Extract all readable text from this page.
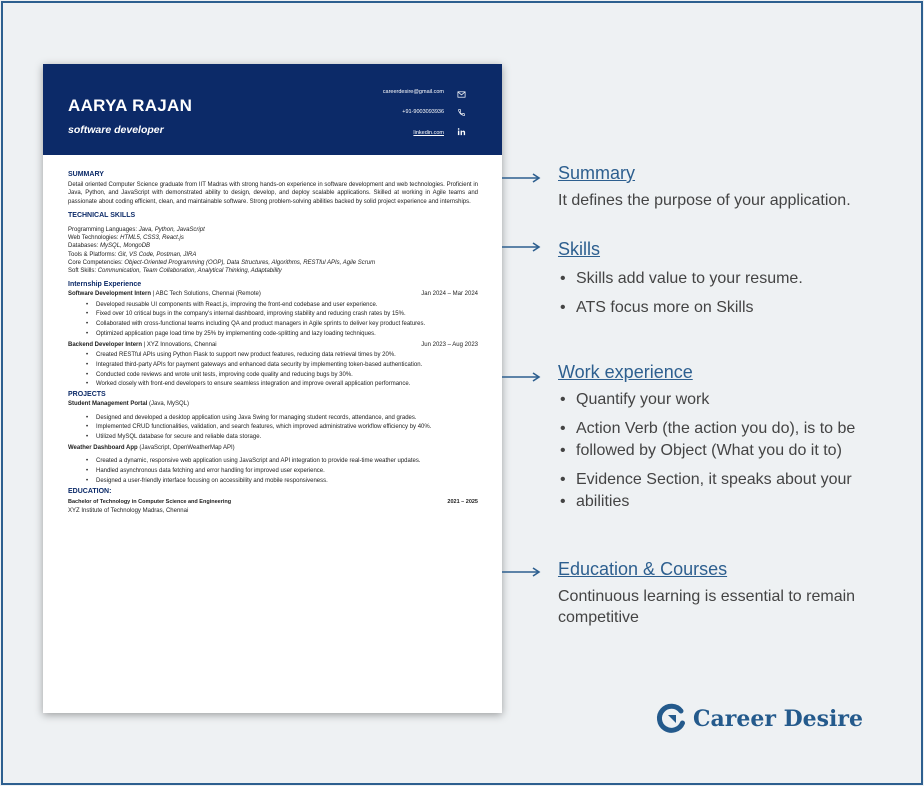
AARYA RAJAN
software developer
careerdesire@gmail.com
+91-9003093936
linkedin.com
SUMMARY
Detail oriented Computer Science graduate from IIT Madras with strong hands-on experience in software development and web technologies. Proficient in Java, Python, and JavaScript with demonstrated ability to design, develop, and deploy scalable applications. Skilled at working in Agile teams and passionate about coding efficient, clean, and maintainable software. Strong problem-solving abilities backed by solid project experience and internships.
TECHNICAL SKILLS
Programming Languages: Java, Python, JavaScript
Web Technologies: HTML5, CSS3, React.js
Databases: MySQL, MongoDB
Tools & Platforms: Git, VS Code, Postman, JIRA
Core Competencies: Object-Oriented Programming (OOP), Data Structures, Algorithms, RESTful APIs, Agile Scrum
Soft Skills: Communication, Team Collaboration, Analytical Thinking, Adaptability
Internship Experience
Software Development Intern | ABC Tech Solutions, Chennai (Remote)	Jan 2024 – Mar 2024
• Developed reusable UI components with React.js, improving the front-end codebase and user experience.
• Fixed over 10 critical bugs in the company's internal dashboard, improving stability and reducing crash rates by 15%.
• Collaborated with cross-functional teams including QA and product managers in Agile sprints to deliver key product features.
• Optimized application page load time by 25% by implementing code-splitting and lazy loading techniques.
Backend Developer Intern | XYZ Innovations, Chennai	Jun 2023 – Aug 2023
• Created RESTful APIs using Python Flask to support new product features, reducing data retrieval times by 20%.
• Integrated third-party APIs for payment gateways and enhanced data security by implementing token-based authentication.
• Conducted code reviews and wrote unit tests, improving code quality and reducing bugs by 30%.
• Worked closely with front-end developers to ensure seamless integration and improve overall application performance.
PROJECTS
Student Management Portal (Java, MySQL)
• Designed and developed a desktop application using Java Swing for managing student records, attendance, and grades.
• Implemented CRUD functionalities, validation, and search features, which improved administrative workflow efficiency by 40%.
• Utilized MySQL database for secure and reliable data storage.
Weather Dashboard App (JavaScript, OpenWeatherMap API)
• Created a dynamic, responsive web application using JavaScript and API integration to provide real-time weather updates.
• Handled asynchronous data fetching and error handling for improved user experience.
• Designed a user-friendly interface focusing on accessibility and mobile responsiveness.
EDUCATION:
Bachelor of Technology in Computer Science and Engineering	2021 – 2025
XYZ Institute of Technology Madras, Chennai
Summary
It defines the purpose of your application.
Skills
• Skills add value to your resume.
• ATS focus more on Skills
Work experience
• Quantify your work
• Action Verb (the action you do), is to be
• followed by Object (What you do it to)
• Evidence Section, it speaks about your
• abilities
Education & Courses
Continuous learning is essential to remain competitive
Career Desire
